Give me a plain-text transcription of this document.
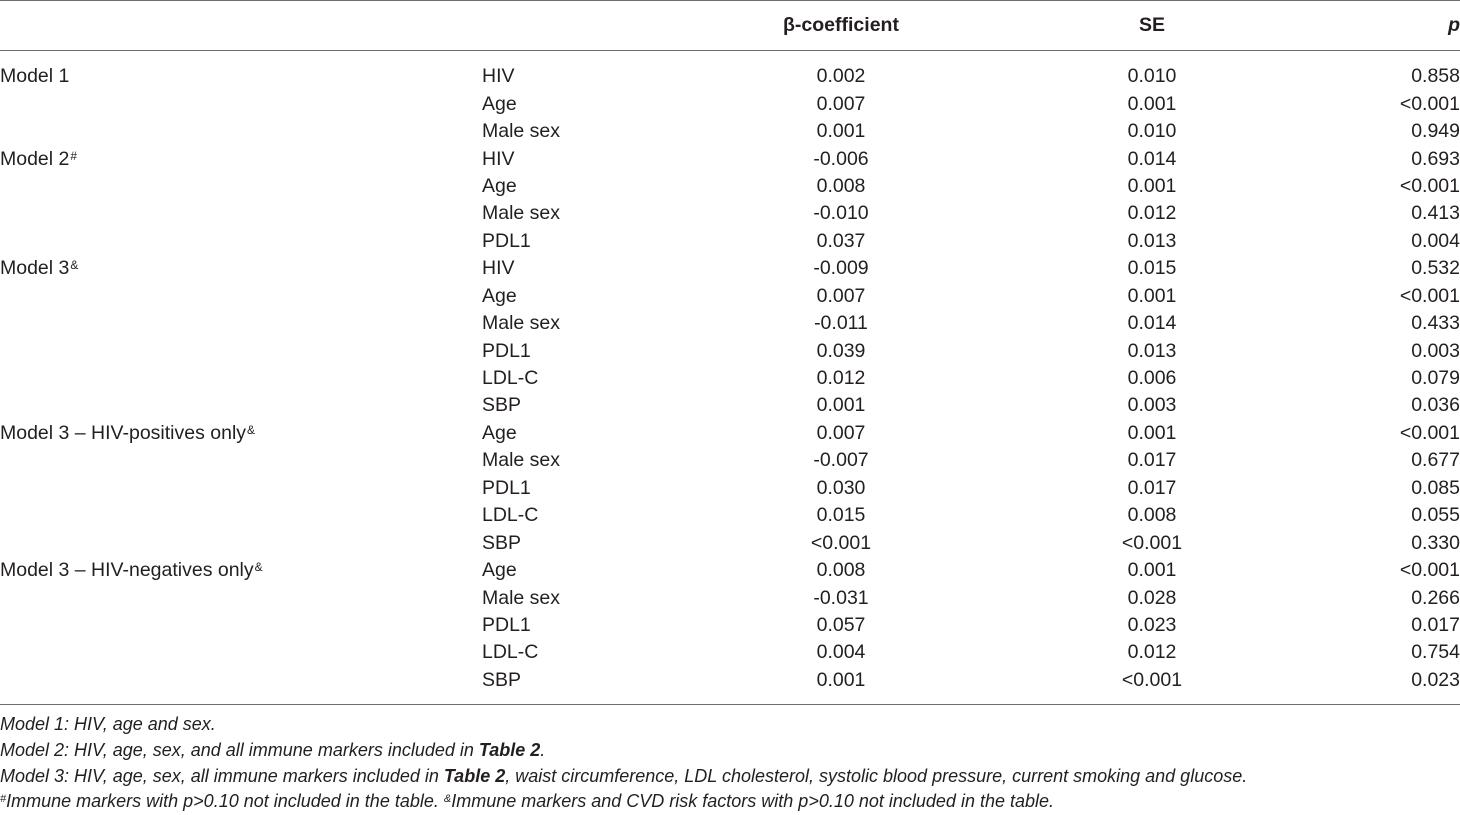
		β-coefficient	SE	p
Model 1	HIV	0.002	0.010	0.858
	Age	0.007	0.001	<0.001
	Male sex	0.001	0.010	0.949
Model 2#	HIV	-0.006	0.014	0.693
	Age	0.008	0.001	<0.001
	Male sex	-0.010	0.012	0.413
	PDL1	0.037	0.013	0.004
Model 3&	HIV	-0.009	0.015	0.532
	Age	0.007	0.001	<0.001
	Male sex	-0.011	0.014	0.433
	PDL1	0.039	0.013	0.003
	LDL-C	0.012	0.006	0.079
	SBP	0.001	0.003	0.036
Model 3 – HIV-positives only&	Age	0.007	0.001	<0.001
	Male sex	-0.007	0.017	0.677
	PDL1	0.030	0.017	0.085
	LDL-C	0.015	0.008	0.055
	SBP	<0.001	<0.001	0.330
Model 3 – HIV-negatives only&	Age	0.008	0.001	<0.001
	Male sex	-0.031	0.028	0.266
	PDL1	0.057	0.023	0.017
	LDL-C	0.004	0.012	0.754
	SBP	0.001	<0.001	0.023
Model 1: HIV, age and sex.
Model 2: HIV, age, sex, and all immune markers included in Table 2.
Model 3: HIV, age, sex, all immune markers included in Table 2, waist circumference, LDL cholesterol, systolic blood pressure, current smoking and glucose.
#Immune markers with p>0.10 not included in the table. &Immune markers and CVD risk factors with p>0.10 not included in the table.
